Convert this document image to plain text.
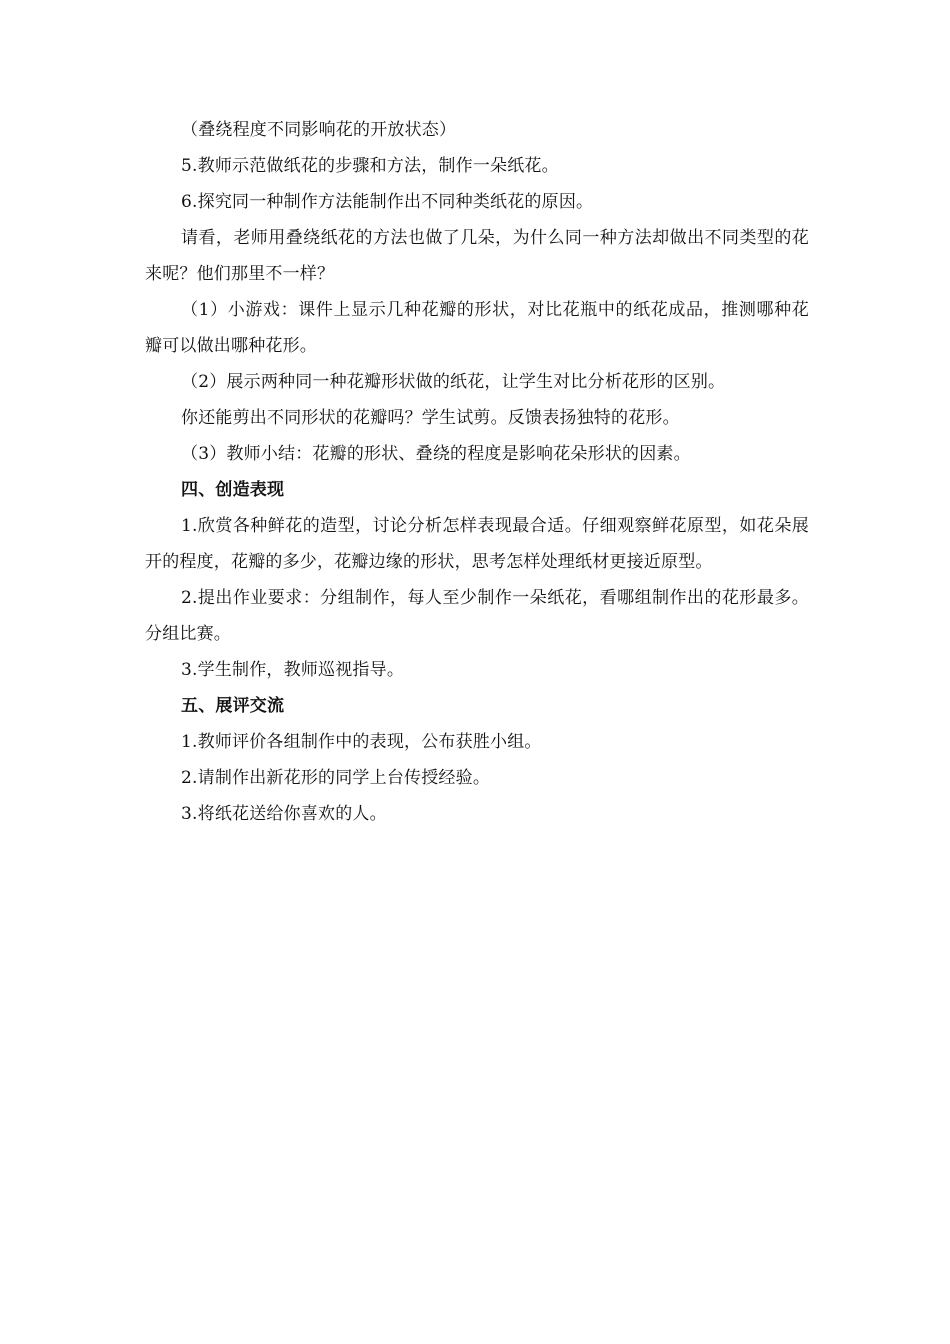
（叠绕程度不同影响花的开放状态）

5.教师示范做纸花的步骤和方法，制作一朵纸花。

6.探究同一种制作方法能制作出不同种类纸花的原因。

请看，老师用叠绕纸花的方法也做了几朵，为什么同一种方法却做出不同类型的花来呢？他们那里不一样？

（1）小游戏：课件上显示几种花瓣的形状，对比花瓶中的纸花成品，推测哪种花瓣可以做出哪种花形。

（2）展示两种同一种花瓣形状做的纸花，让学生对比分析花形的区别。

你还能剪出不同形状的花瓣吗？学生试剪。反馈表扬独特的花形。

（3）教师小结：花瓣的形状、叠绕的程度是影响花朵形状的因素。

四、创造表现

1.欣赏各种鲜花的造型，讨论分析怎样表现最合适。仔细观察鲜花原型，如花朵展开的程度，花瓣的多少，花瓣边缘的形状，思考怎样处理纸材更接近原型。

2.提出作业要求：分组制作，每人至少制作一朵纸花，看哪组制作出的花形最多。分组比赛。

3.学生制作，教师巡视指导。

五、展评交流

1.教师评价各组制作中的表现，公布获胜小组。

2.请制作出新花形的同学上台传授经验。

3.将纸花送给你喜欢的人。
